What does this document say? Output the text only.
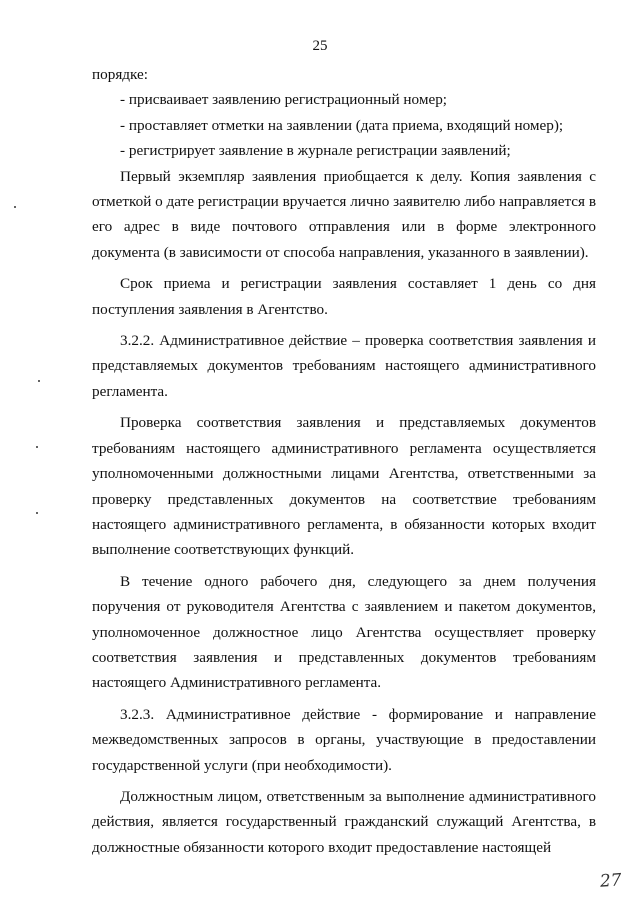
25

порядке:

- присваивает заявлению регистрационный номер;

- проставляет отметки на заявлении (дата приема, входящий номер);

- регистрирует заявление в журнале регистрации заявлений;

Первый экземпляр заявления приобщается к делу. Копия заявления с отметкой о дате регистрации вручается лично заявителю либо направляется в его адрес в виде почтового отправления или в форме электронного документа (в зависимости от способа направления, указанного в заявлении).

Срок приема и регистрации заявления составляет 1 день со дня поступления заявления в Агентство.

3.2.2. Административное действие – проверка соответствия заявления и представляемых документов требованиям настоящего административного регламента.

Проверка соответствия заявления и представляемых документов требованиям настоящего административного регламента осуществляется уполномоченными должностными лицами Агентства, ответственными за проверку представленных документов на соответствие требованиям настоящего административного регламента, в обязанности которых входит выполнение соответствующих функций.

В течение одного рабочего дня, следующего за днем получения поручения от руководителя Агентства с заявлением и пакетом документов, уполномоченное должностное лицо Агентства осуществляет проверку соответствия заявления и представленных документов требованиям настоящего Административного регламента.

3.2.3. Административное действие - формирование и направление межведомственных запросов в органы, участвующие в предоставлении государственной услуги (при необходимости).

Должностным лицом, ответственным за выполнение административного действия, является государственный гражданский служащий Агентства, в должностные обязанности которого входит предоставление настоящей

27
